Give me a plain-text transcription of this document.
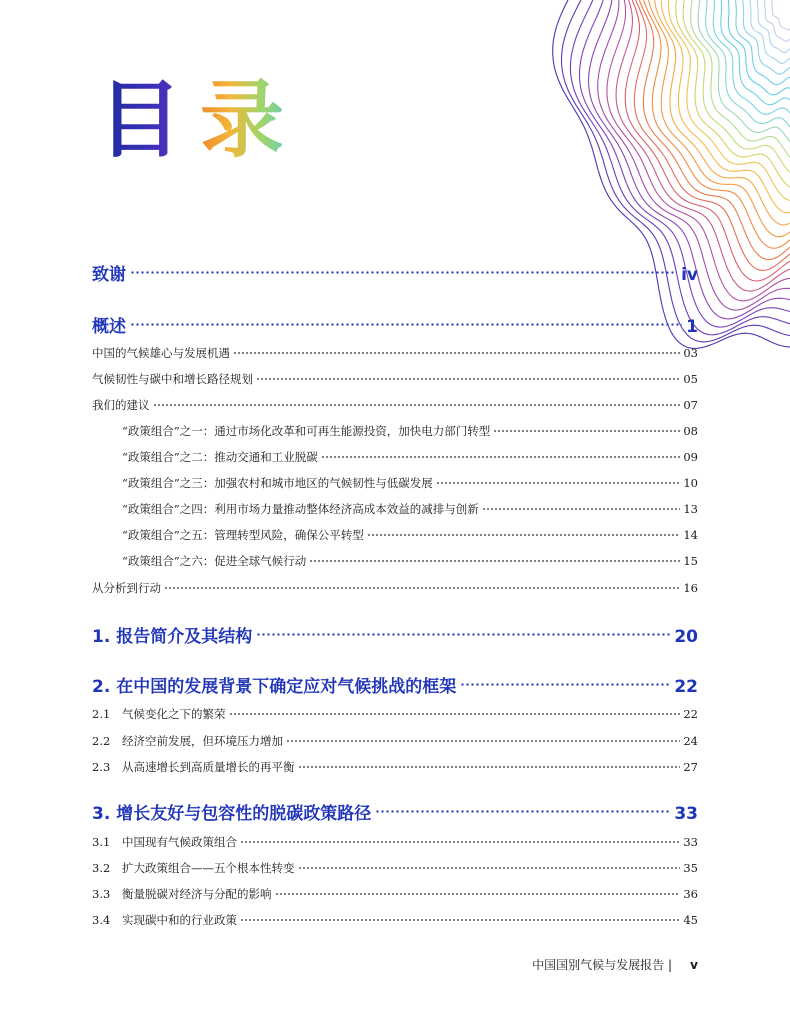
目录
致谢	iv
概述	1
中国的气候雄心与发展机遇	03
气候韧性与碳中和增长路径规划	05
我们的建议	07
“政策组合”之一：通过市场化改革和可再生能源投资，加快电力部门转型	08
“政策组合”之二：推动交通和工业脱碳	09
“政策组合”之三：加强农村和城市地区的气候韧性与低碳发展	10
“政策组合”之四：利用市场力量推动整体经济高成本效益的减排与创新	13
“政策组合”之五：管理转型风险，确保公平转型	14
“政策组合”之六：促进全球气候行动	15
从分析到行动	16
1. 报告简介及其结构	20
2. 在中国的发展背景下确定应对气候挑战的框架	22
2.1 气候变化之下的繁荣	22
2.2 经济空前发展，但环境压力增加	24
2.3 从高速增长到高质量增长的再平衡	27
3. 增长友好与包容性的脱碳政策路径	33
3.1 中国现有气候政策组合	33
3.2 扩大政策组合——五个根本性转变	35
3.3 衡量脱碳对经济与分配的影响	36
3.4 实现碳中和的行业政策	45
中国国别气候与发展报告 | v
